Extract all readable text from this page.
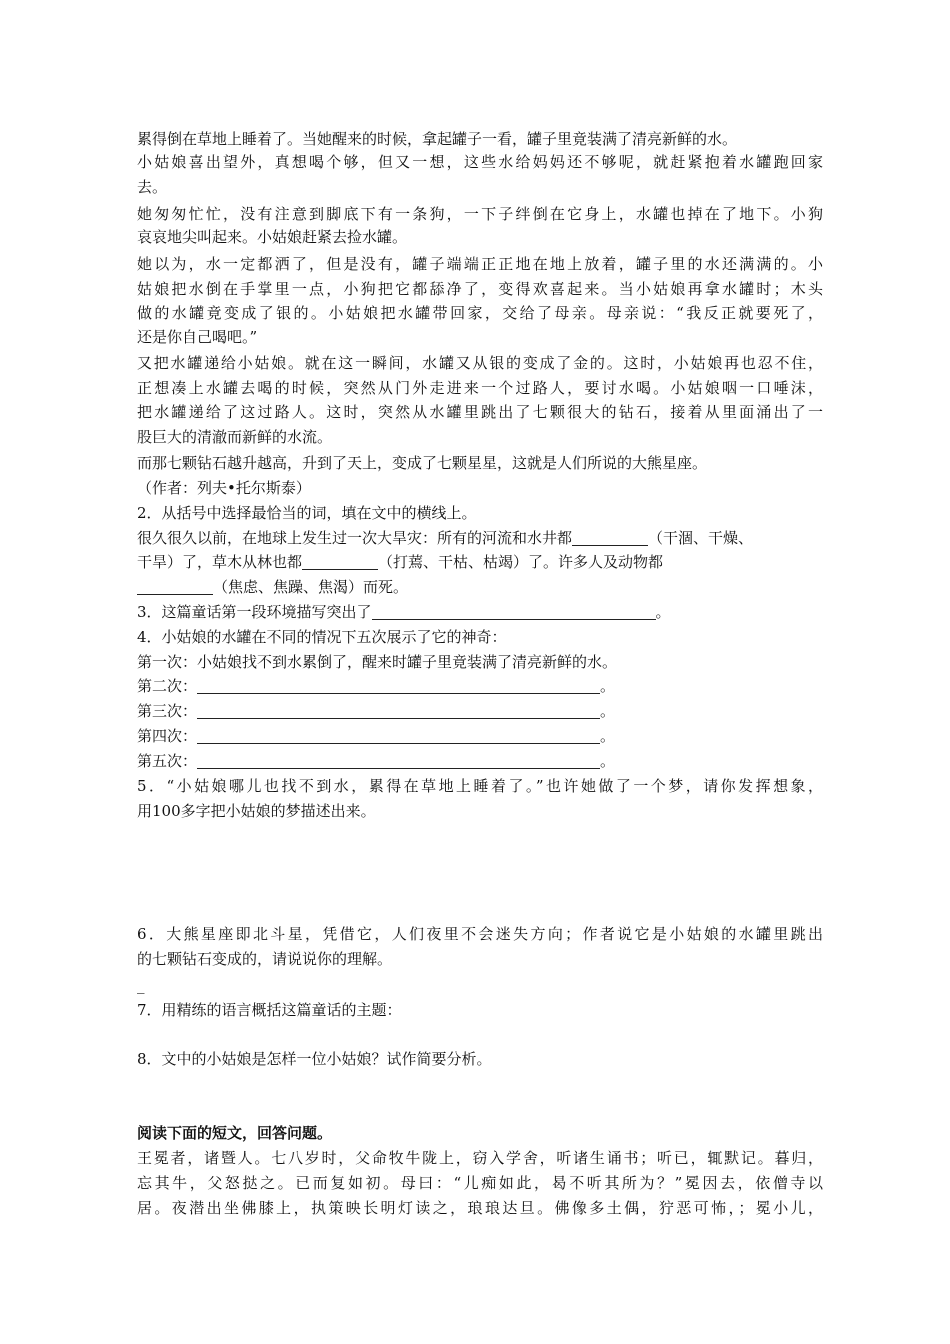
累得倒在草地上睡着了。当她醒来的时候，拿起罐子一看，罐子里竟装满了清亮新鲜的水。
小姑娘喜出望外，真想喝个够，但又一想，这些水给妈妈还不够呢，就赶紧抱着水罐跑回家
去。
她匆匆忙忙，没有注意到脚底下有一条狗，一下子绊倒在它身上，水罐也掉在了地下。小狗
哀哀地尖叫起来。小姑娘赶紧去捡水罐。
她以为，水一定都洒了，但是没有，罐子端端正正地在地上放着，罐子里的水还满满的。小
姑娘把水倒在手掌里一点，小狗把它都舔净了，变得欢喜起来。当小姑娘再拿水罐时；木头
做的水罐竟变成了银的。小姑娘把水罐带回家，交给了母亲。母亲说：“我反正就要死了，
还是你自己喝吧。”
又把水罐递给小姑娘。就在这一瞬间，水罐又从银的变成了金的。这时，小姑娘再也忍不住，
正想凑上水罐去喝的时候，突然从门外走进来一个过路人，要讨水喝。小姑娘咽一口唾沫，
把水罐递给了这过路人。这时，突然从水罐里跳出了七颗很大的钻石，接着从里面涌出了一
股巨大的清澈而新鲜的水流。
而那七颗钻石越升越高，升到了天上，变成了七颗星星，这就是人们所说的大熊星座。
（作者：列夫•托尔斯泰）
2．从括号中选择最恰当的词，填在文中的横线上。
很久很久以前，在地球上发生过一次大旱灾：所有的河流和水井都	（干涸、干燥、
干旱）了，草木从林也都	（打蔫、干枯、枯竭）了。许多人及动物都
（焦虑、焦躁、焦渴）而死。
3．这篇童话第一段环境描写突出了	。
4．小姑娘的水罐在不同的情况下五次展示了它的神奇：
第一次：小姑娘找不到水累倒了，醒来时罐子里竟装满了清亮新鲜的水。
第二次：	。
第三次：	。
第四次：	。
第五次：	。
5．“小姑娘哪儿也找不到水，累得在草地上睡着了。”也许她做了一个梦，请你发挥想象，
用100多字把小姑娘的梦描述出来。
6．大熊星座即北斗星，凭借它，人们夜里不会迷失方向；作者说它是小姑娘的水罐里跳出
的七颗钻石变成的，请说说你的理解。
_
7．用精练的语言概括这篇童话的主题：
8．文中的小姑娘是怎样一位小姑娘？试作简要分析。
阅读下面的短文，回答问题。
王冕者，诸暨人。七八岁时，父命牧牛陇上，窃入学舍，听诸生诵书；听已，辄默记。暮归，
忘其牛，父怒挞之。已而复如初。母曰：“儿痴如此，曷不听其所为？”冕因去，依僧寺以
居。夜潜出坐佛膝上，执策映长明灯读之，琅琅达旦。佛像多土偶，狞恶可怖，；冕小儿，
